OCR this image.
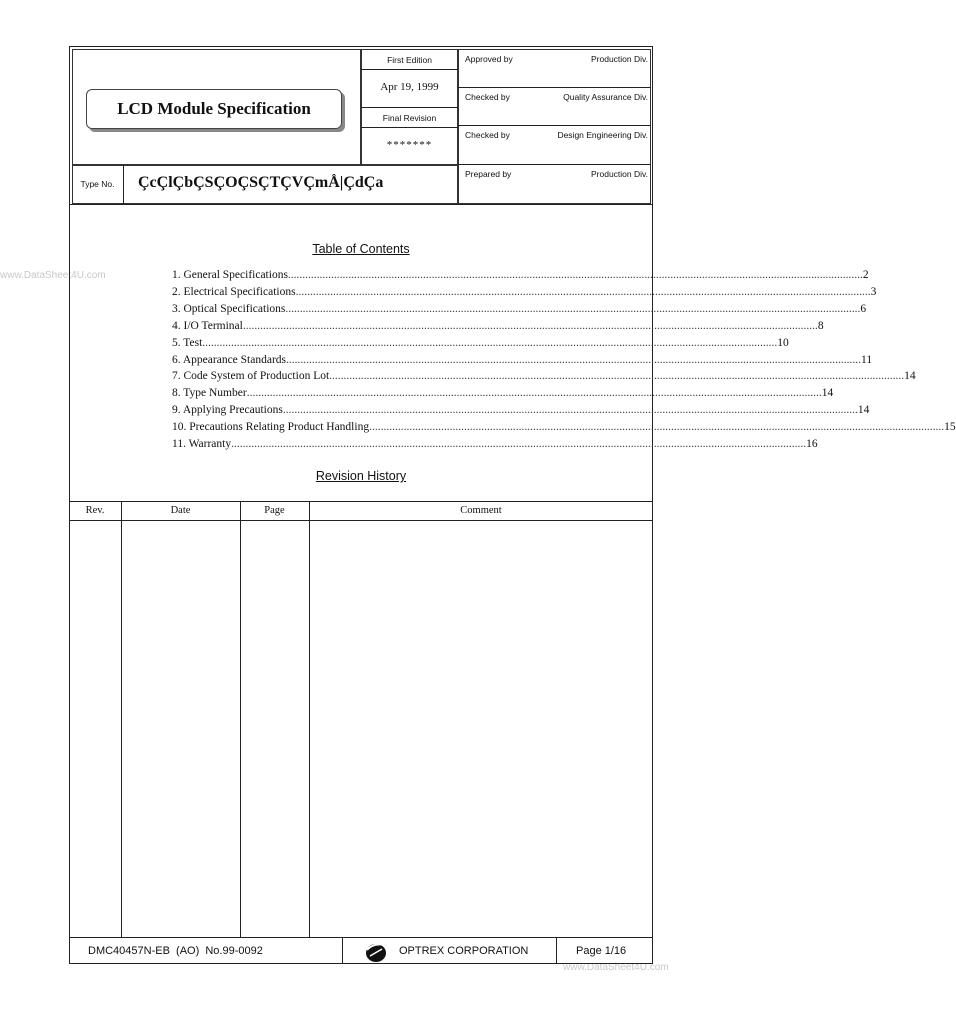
www.DataSheet4U.com
www.DataSheet4U.com
LCD Module Specification
First Edition
Apr 19, 1999
Final Revision
*******
Approved by	Production Div.
Checked by	Quality Assurance Div.
Checked by	Design Engineering Div.
Prepared by	Production Div.
Type No.	ÇcÇlÇbÇSÇOÇSÇTÇVÇmÅ|ÇdÇa
Table of Contents
1. General Specifications ........................................................................................................................................................................................................ 2
2. Electrical Specifications ........................................................................................................................................................................................................ 3
3. Optical Specifications ........................................................................................................................................................................................................ 6
4. I/O Terminal ........................................................................................................................................................................................................ 8
5. Test ........................................................................................................................................................................................................ 10
6. Appearance Standards ........................................................................................................................................................................................................ 11
7. Code System of Production Lot ........................................................................................................................................................................................................ 14
8. Type Number ........................................................................................................................................................................................................ 14
9. Applying Precautions ........................................................................................................................................................................................................ 14
10. Precautions Relating Product Handling ........................................................................................................................................................................................................ 15
11. Warranty ........................................................................................................................................................................................................ 16
Revision History
Rev.	Date	Page	Comment
DMC40457N-EB  (AO)  No.99-0092	OPTREX CORPORATION	Page 1/16
